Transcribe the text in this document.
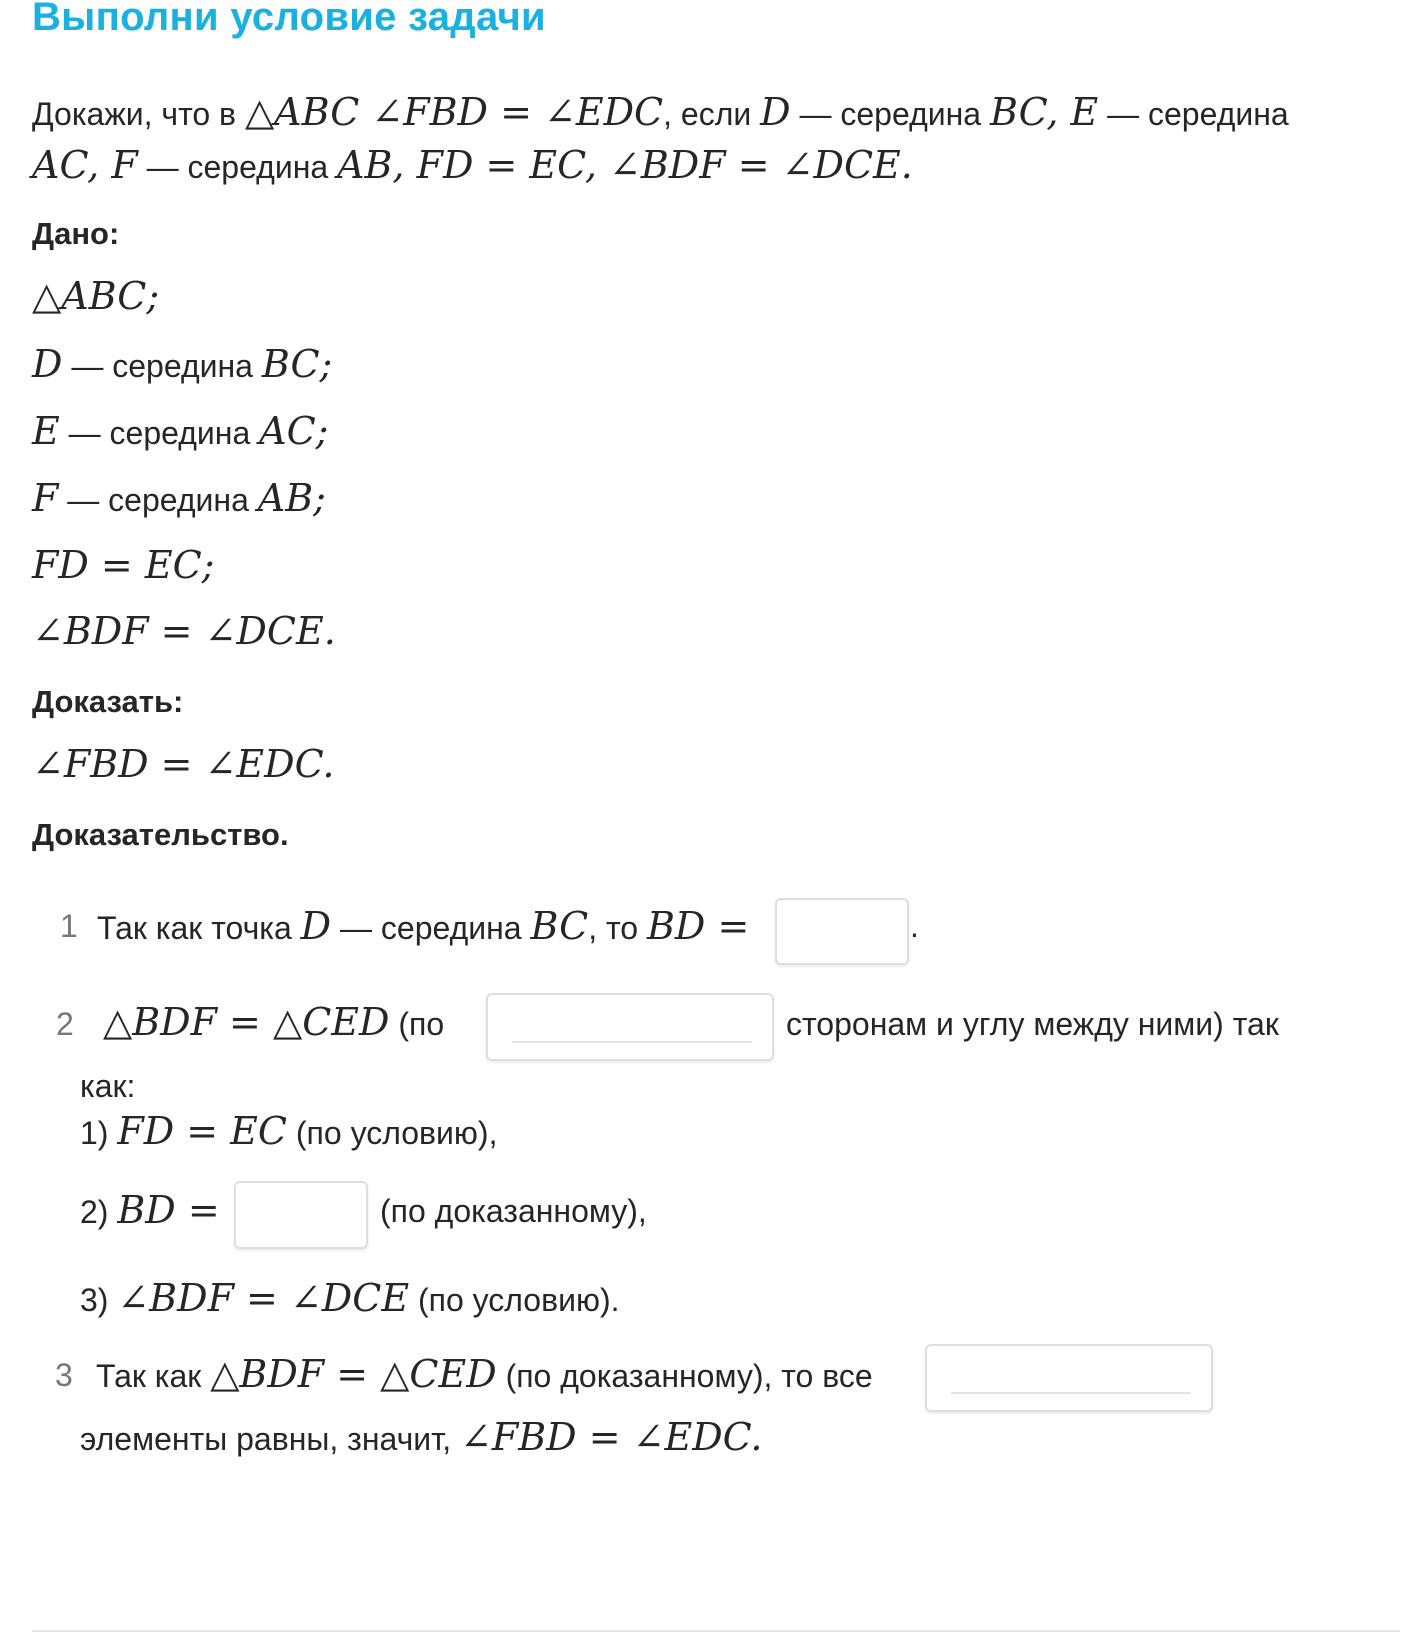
Выполни условие задачи
Докажи, что в △ABC ∠FBD = ∠EDC, если D — середина BC, E — середина
AC, F — середина AB, FD = EC, ∠BDF = ∠DCE.
Дано:
△ABC;
D — середина BC;
E — середина AC;
F — середина AB;
FD = EC;
∠BDF = ∠DCE.
Доказать:
∠FBD = ∠EDC.
Доказательство.
1 Так как точка D — середина BC, то BD =	.
2 △BDF = △CED (по	сторонам и углу между ними) так
как:
1) FD = EC (по условию),
2) BD =	(по доказанному),
3) ∠BDF = ∠DCE (по условию).
3 Так как △BDF = △CED (по доказанному), то все
элементы равны, значит, ∠FBD = ∠EDC.
